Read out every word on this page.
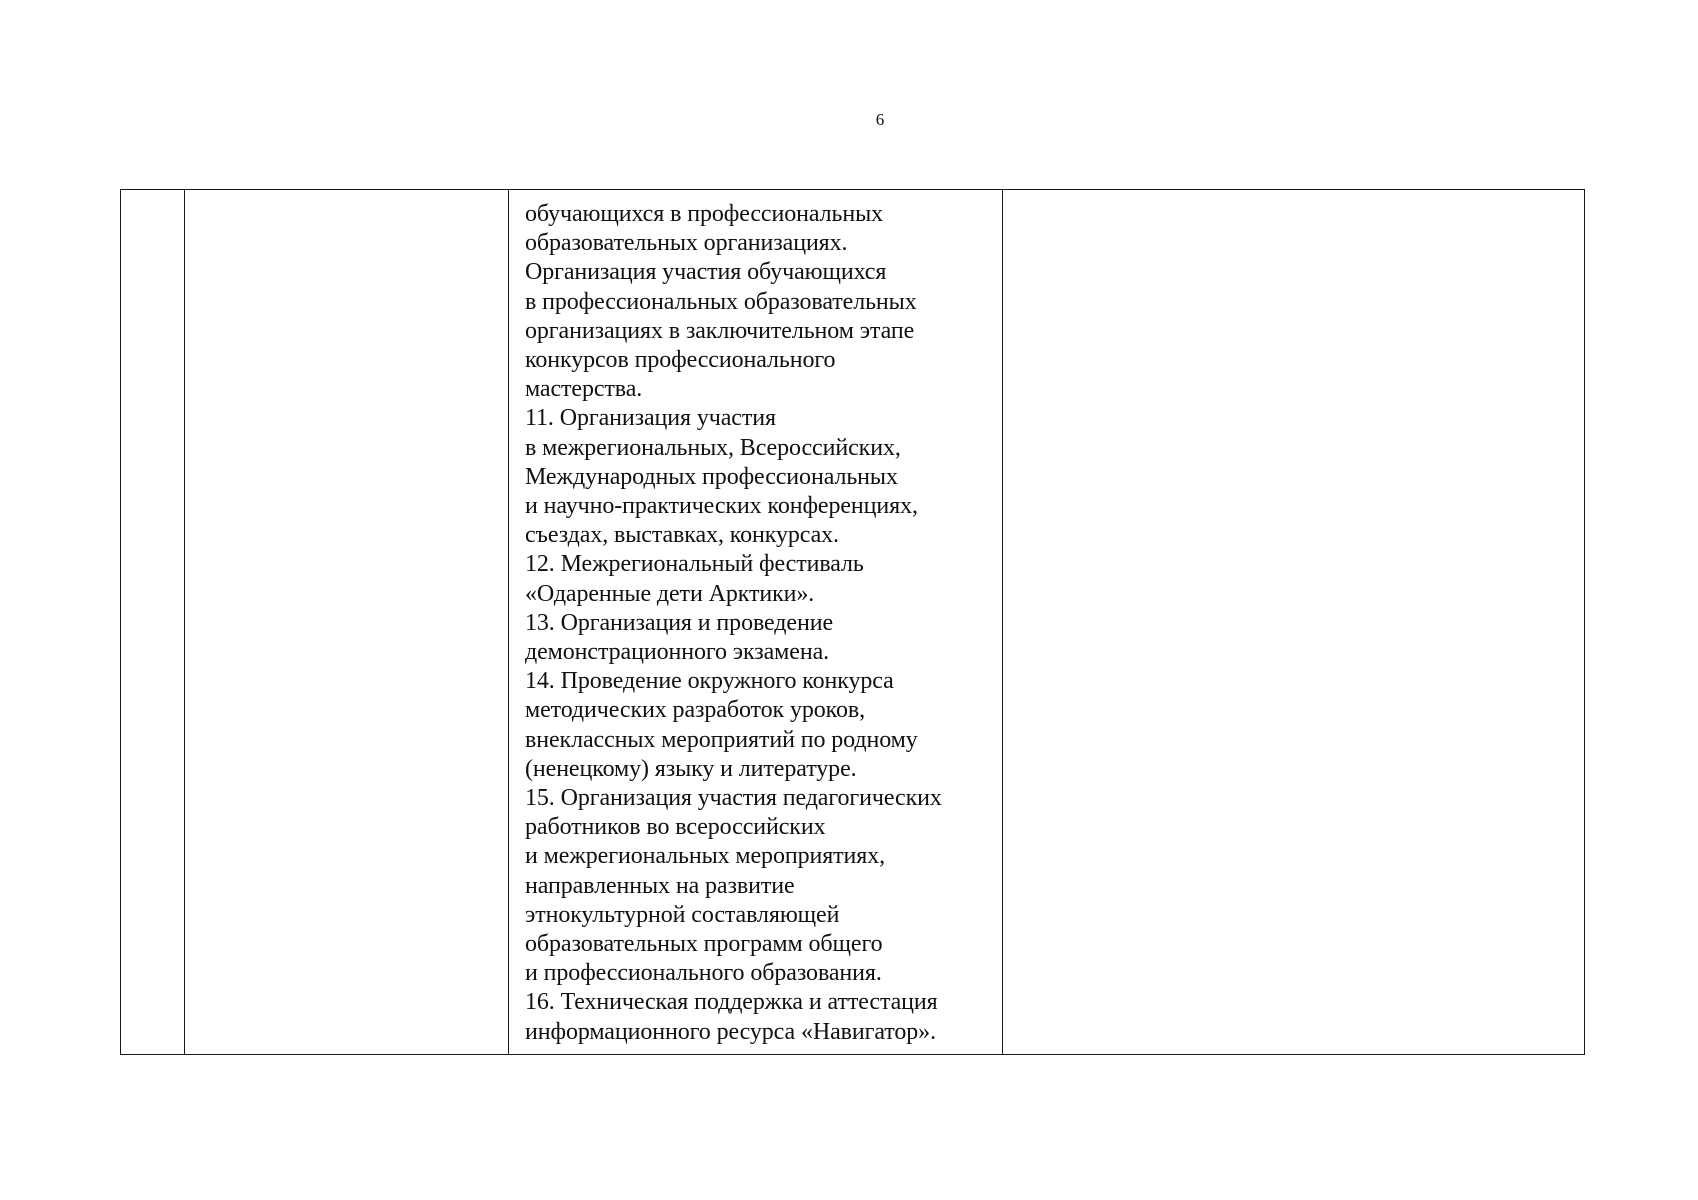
6

обучающихся в профессиональных
образовательных организациях.
Организация участия обучающихся
в профессиональных образовательных
организациях в заключительном этапе
конкурсов профессионального
мастерства.
11. Организация участия
в межрегиональных, Всероссийских,
Международных профессиональных
и научно-практических конференциях,
съездах, выставках, конкурсах.
12. Межрегиональный фестиваль
«Одаренные дети Арктики».
13. Организация и проведение
демонстрационного экзамена.
14. Проведение окружного конкурса
методических разработок уроков,
внеклассных мероприятий по родному
(ненецкому) языку и литературе.
15. Организация участия педагогических
работников во всероссийских
и межрегиональных мероприятиях,
направленных на развитие
этнокультурной составляющей
образовательных программ общего
и профессионального образования.
16. Техническая поддержка и аттестация
информационного ресурса «Навигатор».
